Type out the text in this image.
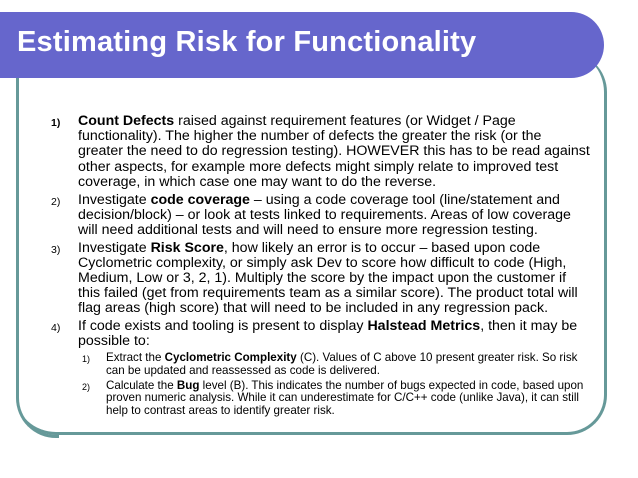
Estimating Risk for Functionality
1) Count Defects raised against requirement features (or Widget / Page functionality). The higher the number of defects the greater the risk (or the greater the need to do regression testing). HOWEVER this has to be read against other aspects, for example more defects might simply relate to improved test coverage, in which case one may want to do the reverse.
2) Investigate code coverage – using a code coverage tool (line/statement and decision/block) – or look at tests linked to requirements. Areas of low coverage will need additional tests and will need to ensure more regression testing.
3) Investigate Risk Score, how likely an error is to occur – based upon code Cyclometric complexity, or simply ask Dev to score how difficult to code (High, Medium, Low or 3, 2, 1). Multiply the score by the impact upon the customer if this failed (get from requirements team as a similar score). The product total will flag areas (high score) that will need to be included in any regression pack.
4) If code exists and tooling is present to display Halstead Metrics, then it may be possible to:
1) Extract the Cyclometric Complexity (C). Values of C above 10 present greater risk. So risk can be updated and reassessed as code is delivered.
2) Calculate the Bug level (B). This indicates the number of bugs expected in code, based upon proven numeric analysis. While it can underestimate for C/C++ code (unlike Java), it can still help to contrast areas to identify greater risk.
